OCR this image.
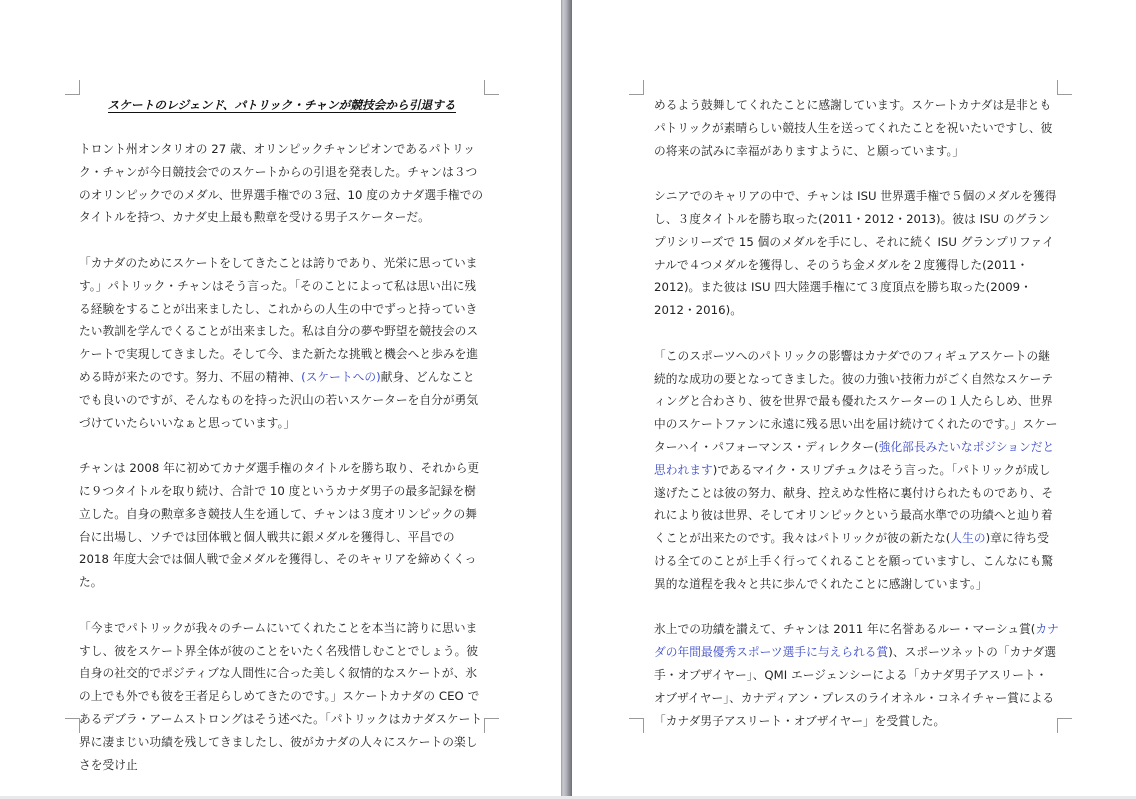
スケートのレジェンド、パトリック・チャンが競技会から引退する

トロント州オンタリオの 27 歳、オリンピックチャンピオンであるパトリック・チャンが今日競技会でのスケートからの引退を発表した。チャンは３つのオリンピックでのメダル、世界選手権での３冠、10 度のカナダ選手権でのタイトルを持つ、カナダ史上最も勲章を受ける男子スケーターだ。

「カナダのためにスケートをしてきたことは誇りであり、光栄に思っています。」パトリック・チャンはそう言った。「そのことによって私は思い出に残る経験をすることが出来ましたし、これからの人生の中でずっと持っていきたい教訓を学んでくることが出来ました。私は自分の夢や野望を競技会のスケートで実現してきました。そして今、また新たな挑戦と機会へと歩みを進める時が来たのです。努力、不屈の精神、(スケートへの)献身、どんなことでも良いのですが、そんなものを持った沢山の若いスケーターを自分が勇気づけていたらいいなぁと思っています。」

チャンは 2008 年に初めてカナダ選手権のタイトルを勝ち取り、それから更に９つタイトルを取り続け、合計で 10 度というカナダ男子の最多記録を樹立した。自身の勲章多き競技人生を通して、チャンは３度オリンピックの舞台に出場し、ソチでは団体戦と個人戦共に銀メダルを獲得し、平昌での 2018 年度大会では個人戦で金メダルを獲得し、そのキャリアを締めくくった。

「今までパトリックが我々のチームにいてくれたことを本当に誇りに思いますし、彼をスケート界全体が彼のことをいたく名残惜しむことでしょう。彼自身の社交的でポジティブな人間性に合った美しく叙情的なスケートが、氷の上でも外でも彼を王者足らしめてきたのです。」スケートカナダの CEO であるデブラ・アームストロングはそう述べた。「パトリックはカナダスケート界に凄まじい功績を残してきましたし、彼がカナダの人々にスケートの楽しさを受け止

めるよう鼓舞してくれたことに感謝しています。スケートカナダは是非ともパトリックが素晴らしい競技人生を送ってくれたことを祝いたいですし、彼の将来の試みに幸福がありますように、と願っています。」

シニアでのキャリアの中で、チャンは ISU 世界選手権で５個のメダルを獲得し、３度タイトルを勝ち取った(2011・2012・2013)。彼は ISU のグランプリシリーズで 15 個のメダルを手にし、それに続く ISU グランプリファイナルで４つメダルを獲得し、そのうち金メダルを２度獲得した(2011・2012)。また彼は ISU 四大陸選手権にて３度頂点を勝ち取った(2009・2012・2016)。

「このスポーツへのパトリックの影響はカナダでのフィギュアスケートの継続的な成功の要となってきました。彼の力強い技術力がごく自然なスケーティングと合わさり、彼を世界で最も優れたスケーターの１人たらしめ、世界中のスケートファンに永遠に残る思い出を届け続けてくれたのです。」スケーターハイ・パフォーマンス・ディレクター(強化部長みたいなポジションだと思われます)であるマイク・スリプチュクはそう言った。「パトリックが成し遂げたことは彼の努力、献身、控えめな性格に裏付けられたものであり、それにより彼は世界、そしてオリンピックという最高水準での功績へと辿り着くことが出来たのです。我々はパトリックが彼の新たな(人生の)章に待ち受ける全てのことが上手く行ってくれることを願っていますし、こんなにも驚異的な道程を我々と共に歩んでくれたことに感謝しています。」

氷上での功績を讃えて、チャンは 2011 年に名誉あるルー・マーシュ賞(カナダの年間最優秀スポーツ選手に与えられる賞)、スポーツネットの「カナダ選手・オブザイヤー」、QMI エージェンシーによる「カナダ男子アスリート・オブザイヤー」、カナディアン・プレスのライオネル・コネイチャー賞による「カナダ男子アスリート・オブザイヤー」を受賞した。
